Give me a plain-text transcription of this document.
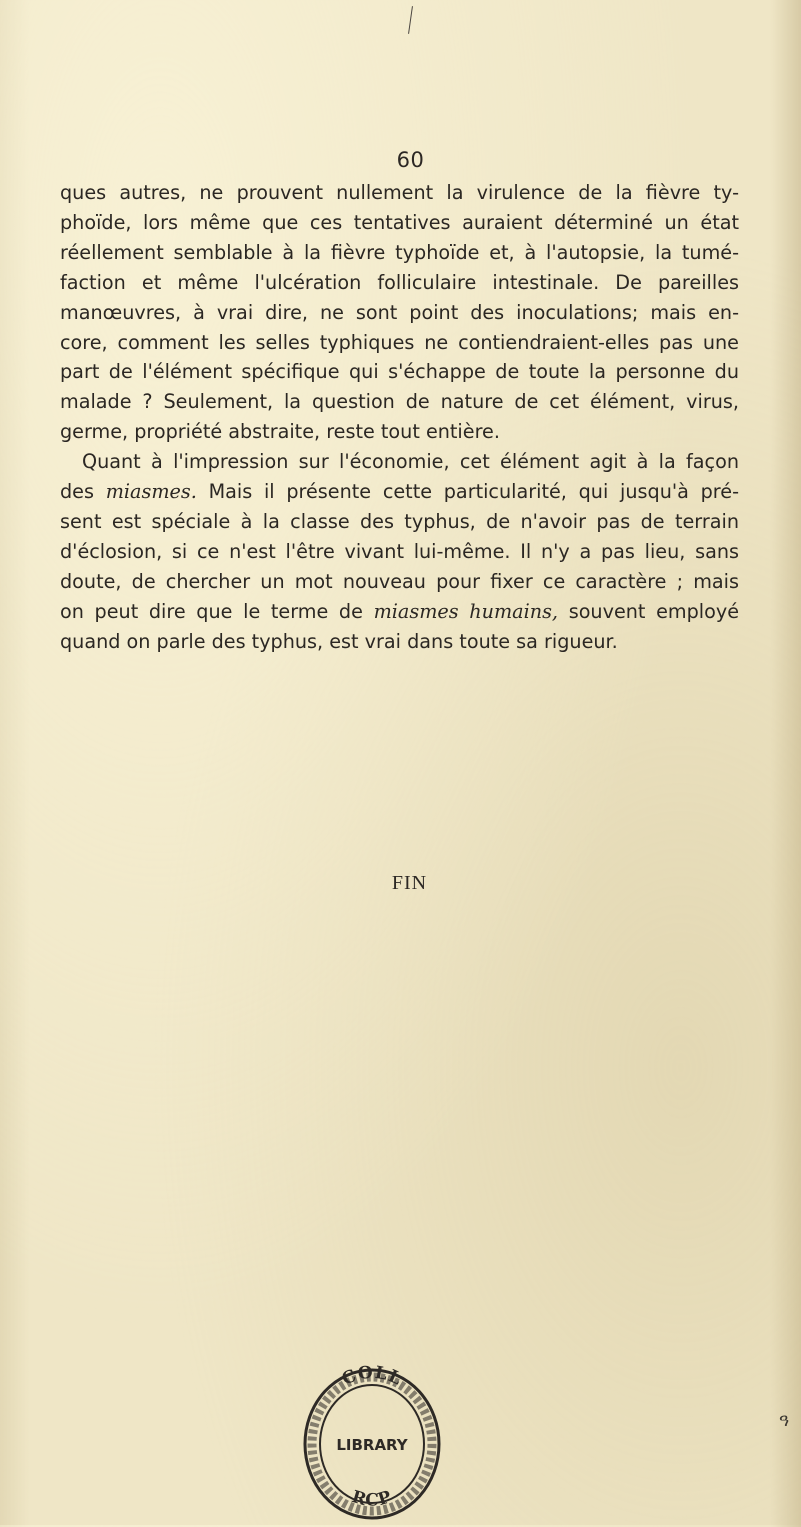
60
ques autres, ne prouvent nullement la virulence de la fièvre ty-
phoïde, lors même que ces tentatives auraient déterminé un état
réellement semblable à la fièvre typhoïde et, à l'autopsie, la tumé-
faction et même l'ulcération folliculaire intestinale. De pareilles
manœuvres, à vrai dire, ne sont point des inoculations; mais en-
core, comment les selles typhiques ne contiendraient-elles pas une
part de l'élément spécifique qui s'échappe de toute la personne du
malade ? Seulement, la question de nature de cet élément, virus,
germe, propriété abstraite, reste tout entière.
Quant à l'impression sur l'économie, cet élément agit à la façon
des miasmes. Mais il présente cette particularité, qui jusqu'à pré-
sent est spéciale à la classe des typhus, de n'avoir pas de terrain
d'éclosion, si ce n'est l'être vivant lui-même. Il n'y a pas lieu, sans
doute, de chercher un mot nouveau pour fixer ce caractère ; mais
on peut dire que le terme de miasmes humains, souvent employé
quand on parle des typhus, est vrai dans toute sa rigueur.
FIN
COLL
RCP
LIBRARY
ዓ
